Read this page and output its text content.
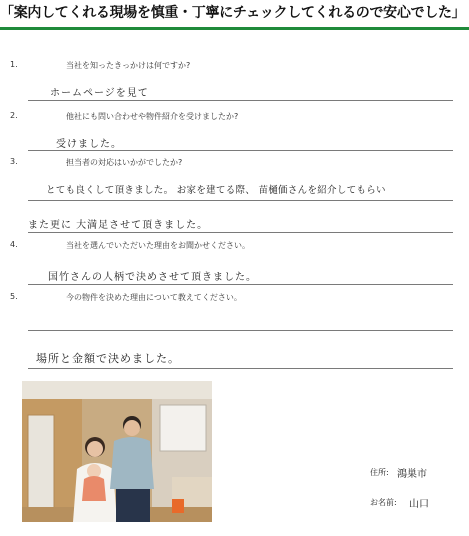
「案内してくれる現場を慎重・丁寧にチェックしてくれるので安心でした」
1.	当社を知ったきっかけは何ですか?
ホームページを見て
2.	他社にも問い合わせや物件紹介を受けましたか?
受けました。
3.	担当者の対応はいかがでしたか?
とても良くして頂きました。 お家を建てる際、 苗樋価さんを紹介してもらい
また更に 大満足させて頂きました。
4.	当社を選んでいただいた理由をお聞かせください。
国竹さんの人柄で決めさせて頂きました。
5.	今の物件を決めた理由について教えてください。
場所と金額で決めました。
住所: 鴻巣市
お名前: 山口
